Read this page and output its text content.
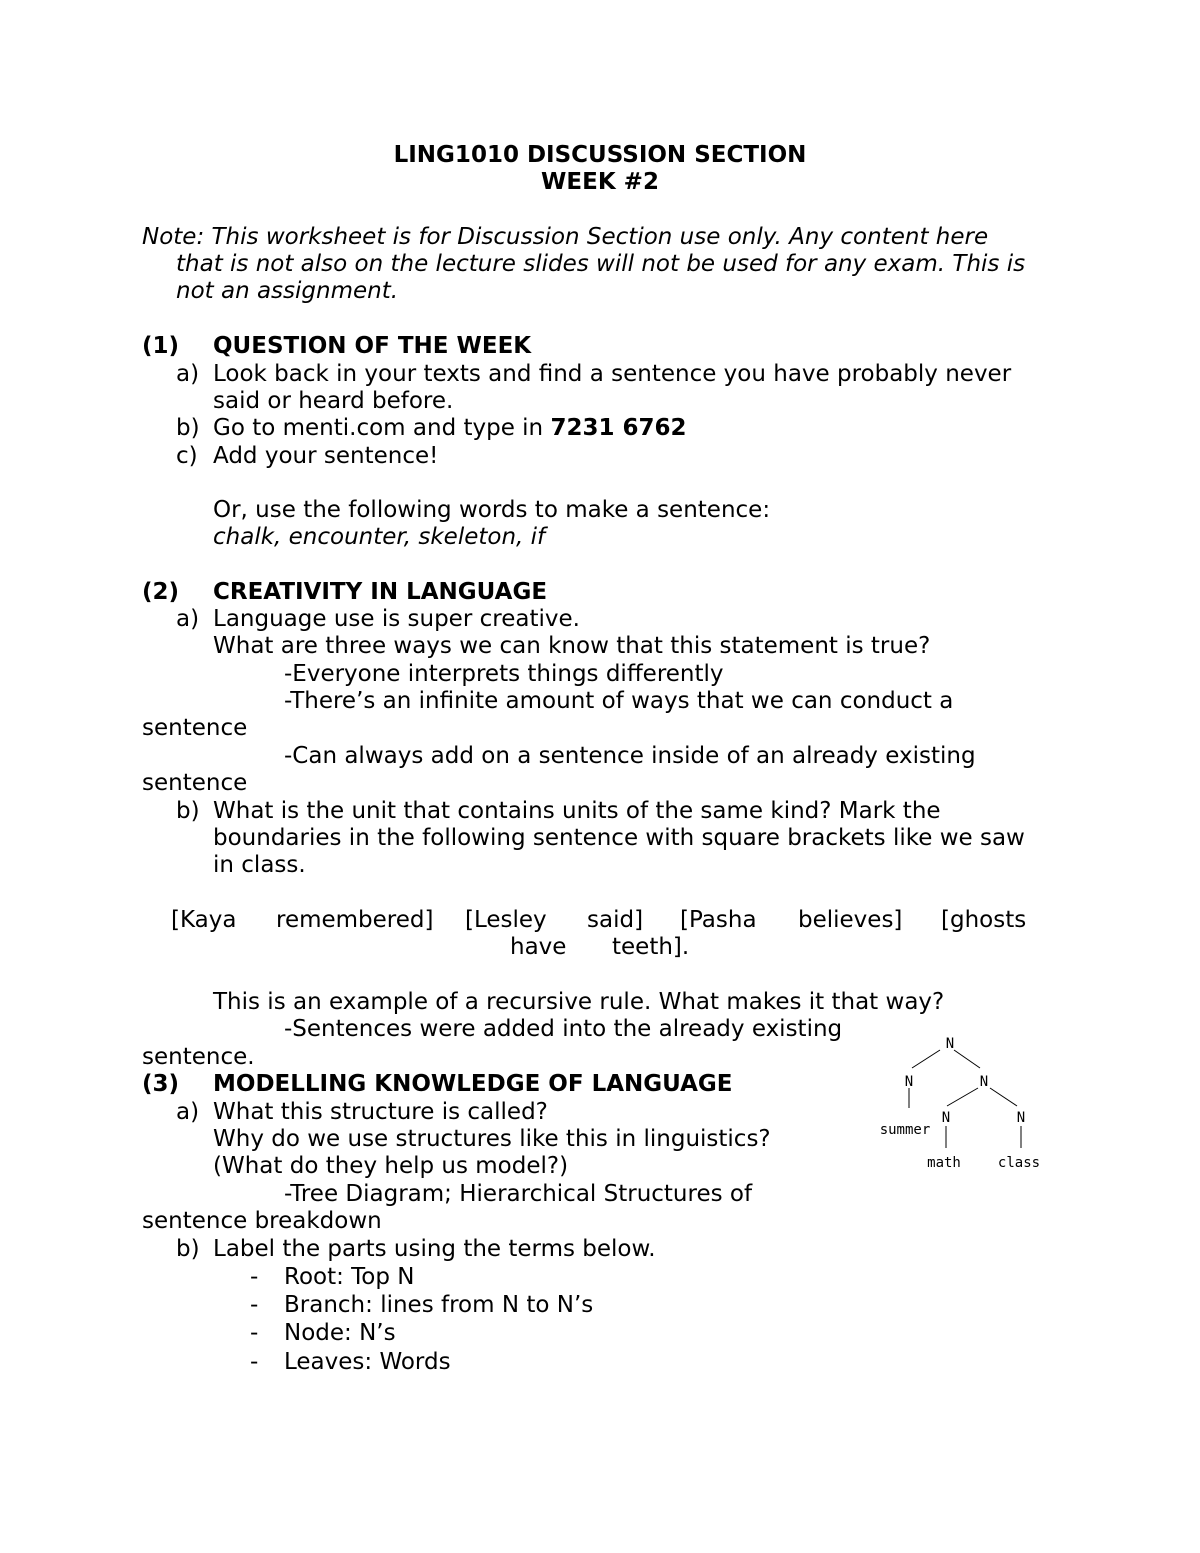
LING1010 DISCUSSION SECTION
WEEK #2
Note: This worksheet is for Discussion Section use only. Any content here
that is not also on the lecture slides will not be used for any exam. This is
not an assignment.
(1) QUESTION OF THE WEEK
a) Look back in your texts and find a sentence you have probably never
said or heard before.
b) Go to menti.com and type in 7231 6762
c) Add your sentence!
Or, use the following words to make a sentence:
chalk, encounter, skeleton, if
(2) CREATIVITY IN LANGUAGE
a) Language use is super creative.
What are three ways we can know that this statement is true?
-Everyone interprets things differently
-There’s an infinite amount of ways that we can conduct a
sentence
-Can always add on a sentence inside of an already existing
sentence
b) What is the unit that contains units of the same kind? Mark the
boundaries in the following sentence with square brackets like we saw
in class.
[Kaya remembered] [Lesley said] [Pasha believes] [ghosts
have teeth].
This is an example of a recursive rule. What makes it that way?
-Sentences were added into the already existing
sentence.
(3) MODELLING KNOWLEDGE OF LANGUAGE
a) What this structure is called?
Why do we use structures like this in linguistics?
(What do they help us model?)
-Tree Diagram; Hierarchical Structures of
sentence breakdown
b) Label the parts using the terms below.
- Root: Top N
- Branch: lines from N to N’s
- Node: N’s
- Leaves: Words
N
N	N
N	N
summer
math	class
